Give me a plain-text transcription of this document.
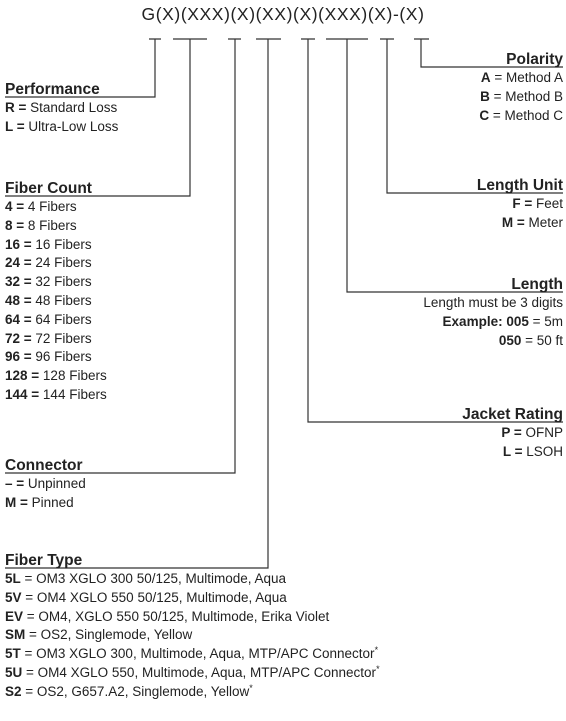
G(X)(XXX)(X)(XX)(X)(XXX)(X)-(X)
Performance
R = Standard Loss
L = Ultra-Low Loss
Fiber Count
4 = 4 Fibers
8 = 8 Fibers
16 = 16 Fibers
24 = 24 Fibers
32 = 32 Fibers
48 = 48 Fibers
64 = 64 Fibers
72 = 72 Fibers
96 = 96 Fibers
128 = 128 Fibers
144 = 144 Fibers
Connector
– = Unpinned
M = Pinned
Fiber Type
5L = OM3 XGLO 300 50/125, Multimode, Aqua
5V = OM4 XGLO 550 50/125, Multimode, Aqua
EV = OM4, XGLO 550 50/125, Multimode, Erika Violet
SM = OS2, Singlemode, Yellow
5T = OM3 XGLO 300, Multimode, Aqua, MTP/APC Connector*
5U = OM4 XGLO 550, Multimode, Aqua, MTP/APC Connector*
S2 = OS2, G657.A2, Singlemode, Yellow*
Polarity
A = Method A
B = Method B
C = Method C
Length Unit
F = Feet
M = Meter
Length
Length must be 3 digits
Example: 005 = 5m
050 = 50 ft
Jacket Rating
P = OFNP
L = LSOH
